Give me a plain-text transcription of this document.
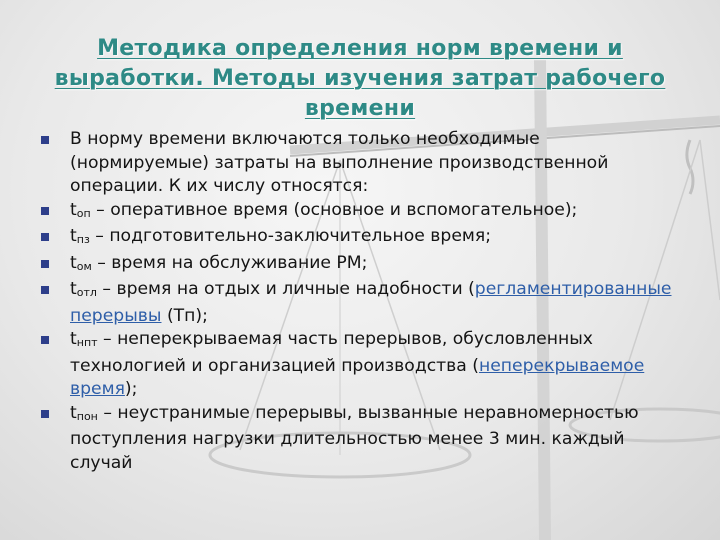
Методика определения норм времени и
выработки. Методы изучения затрат рабочего
времени
В норму времени включаются только необходимые (нормируемые) затраты на выполнение производственной операции. К их числу относятся:
tоп – оперативное время (основное и вспомогательное);
tпз – подготовительно-заключительное время;
tом – время на обслуживание РМ;
tотл – время на отдых и личные надобности (регламентированные перерывы (Тп);
tнпт – неперекрываемая часть перерывов, обусловленных технологией и организацией производства (неперекрываемое время);
tпон – неустранимые перерывы, вызванные неравномерностью поступления нагрузки длительностью менее 3 мин. каждый случай
